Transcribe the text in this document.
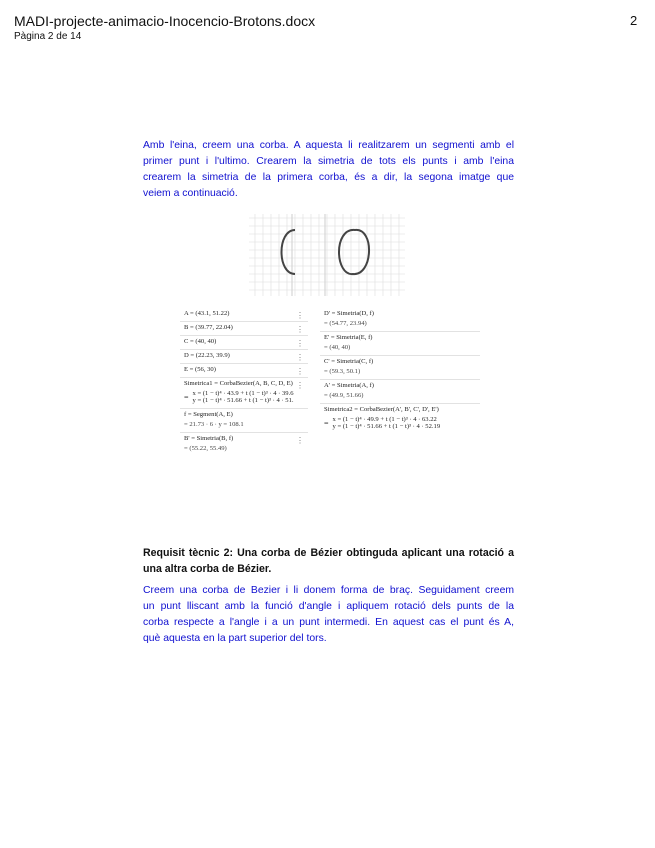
MADI-projecte-animacio-Inocencio-Brotons.docx
Pàgina 2 de 14
2

Amb l'eina, creem una corba. A aquesta li realitzarem un segmenti amb el
primer punt i l'ultimo. Crearem la simetria de tots els punts i amb l'eina
crearem la simetria de la primera corba, és a dir, la segona imatge que
veiem a continuació.

A = (43.1, 51.22)	⋮
B = (39.77, 22.04)	⋮
C = (40, 40)	⋮
D = (22.23, 39.9)	⋮
E = (56, 30)	⋮
Simetrica1 = CorbaBezier(A, B, C, D, E) ⋮
= x = (1 − t)⁴ · 43.9 + t (1 − t)³ · 4 · 39.6
y = (1 − t)⁴ · 51.66 + t (1 − t)³ · 4 · 51.
f = Segment(A, E)
= 21.73 · 6 · y = 108.1
B' = Simetria(B, f)	⋮
= (55.22, 55.49)
D' = Simetria(D, f)
= (54.77, 23.94)
E' = Simetria(E, f)
= (40, 40)
C' = Simetria(C, f)
= (59.3, 50.1)
A' = Simetria(A, f)
= (49.9, 51.66)
Simetrica2 = CorbaBezier(A', B', C', D', E')
= x = (1 − t)⁴ · 49.9 + t (1 − t)³ · 4 · 63.22
y = (1 − t)⁴ · 51.66 + t (1 − t)³ · 4 · 52.19

Requisit tècnic 2: Una corba de Bézier obtinguda aplicant una rotació a
una altra corba de Bézier.

Creem una corba de Bezier i li donem forma de braç. Seguidament creem
un punt lliscant amb la funció d'angle i apliquem rotació dels punts de la
corba respecte a l'angle i a un punt intermedi. En aquest cas el punt és A,
què aquesta en la part superior del tors.
